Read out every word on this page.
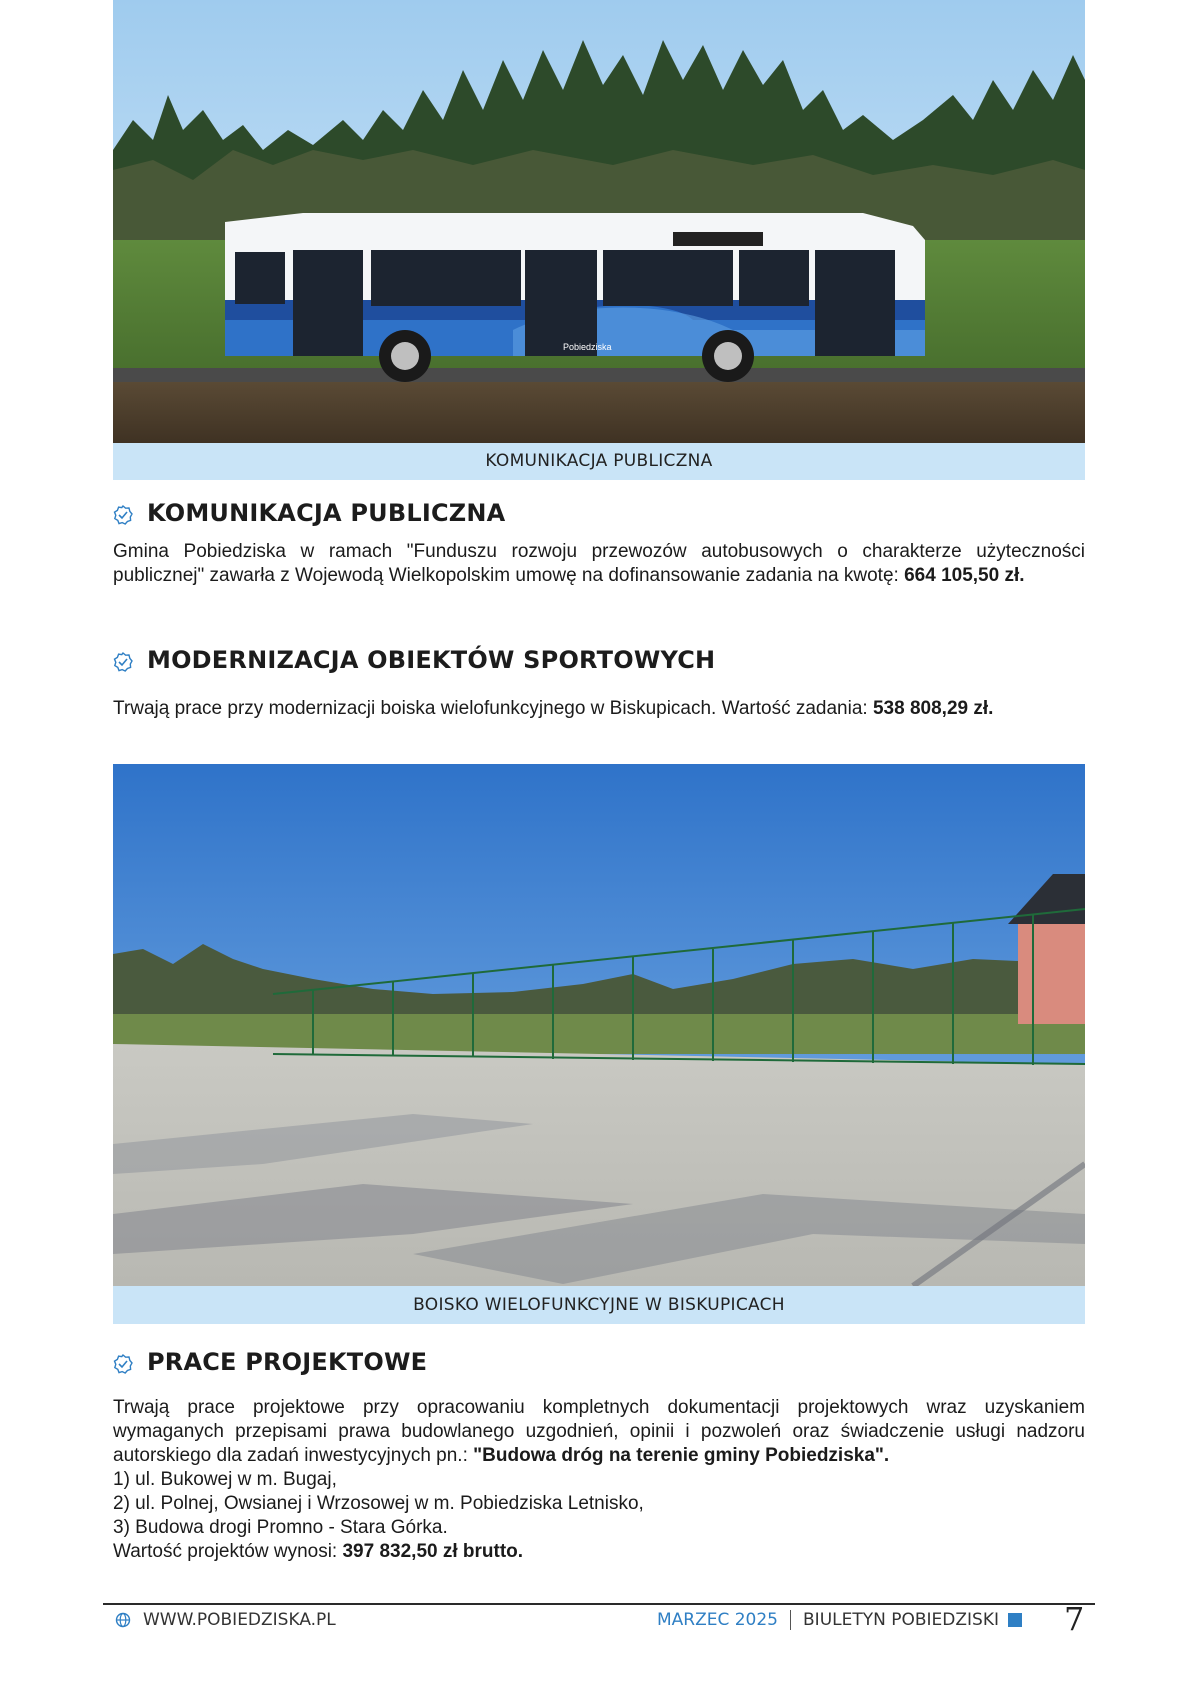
Pobiedziska
KOMUNIKACJA PUBLICZNA
KOMUNIKACJA PUBLICZNA
Gmina Pobiedziska w ramach "Funduszu rozwoju przewozów autobusowych o charakterze użyteczności publicznej" zawarła z Wojewodą Wielkopolskim umowę na dofinansowanie zadania na kwotę: 664 105,50 zł.
MODERNIZACJA OBIEKTÓW SPORTOWYCH
Trwają prace przy modernizacji boiska wielofunkcyjnego w Biskupicach. Wartość zadania: 538 808,29 zł.
BOISKO WIELOFUNKCYJNE W BISKUPICACH
PRACE PROJEKTOWE
Trwają prace projektowe przy opracowaniu kompletnych dokumentacji projektowych wraz uzyskaniem wymaganych przepisami prawa budowlanego uzgodnień, opinii i pozwoleń oraz świadczenie usługi nadzoru autorskiego dla zadań inwestycyjnych pn.: "Budowa dróg na terenie gminy Pobiedziska".
1) ul. Bukowej w m. Bugaj,
2) ul. Polnej, Owsianej i Wrzosowej w m. Pobiedziska Letnisko,
3) Budowa drogi Promno - Stara Górka.
Wartość projektów wynosi: 397 832,50 zł brutto.
WWW.POBIEDZISKA.PL	MARZEC 2025 BIULETYN POBIEDZISKI 7
